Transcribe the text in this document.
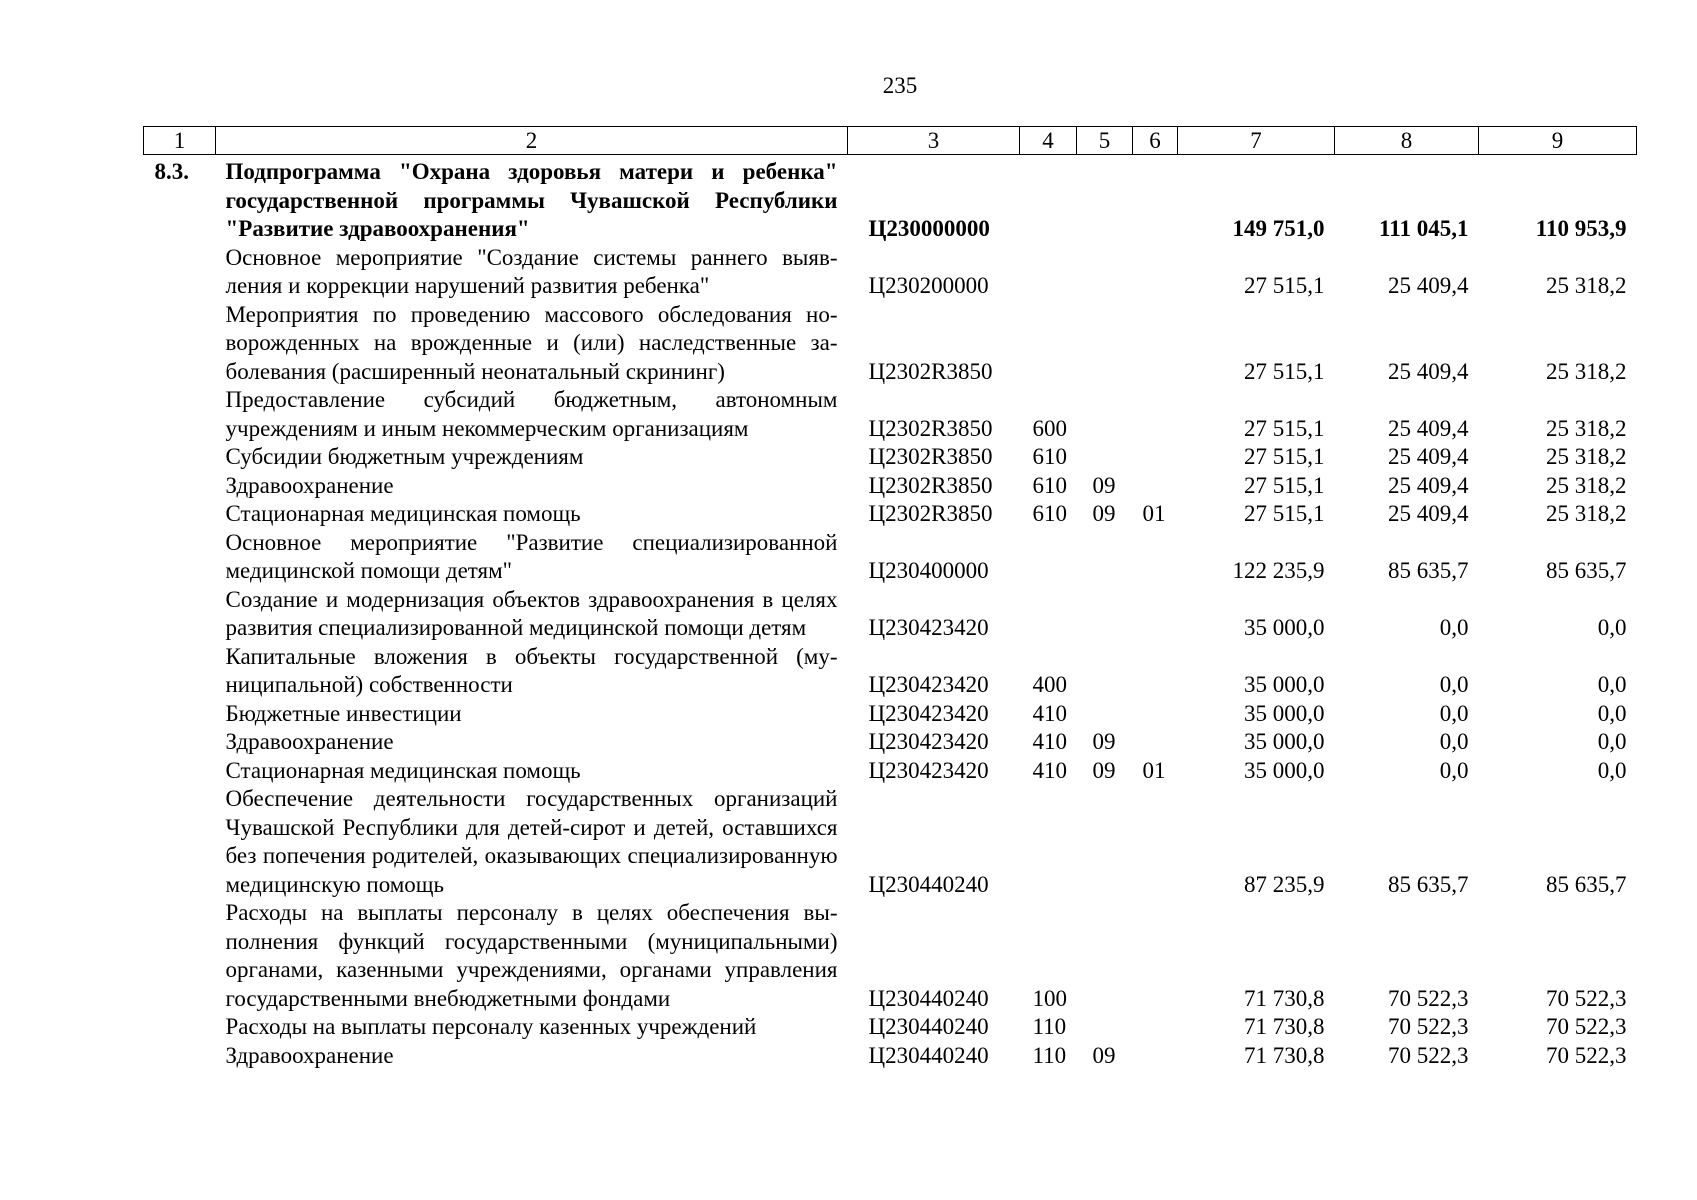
235
1	2	3	4	5	6	7	8	9
8.3.	Подпрограмма "Охрана здоровья матери и ребенка" государственной программы Чувашской Республики "Развитие здравоохранения"	Ц230000000				149 751,0	111 045,1	110 953,9
	Основное мероприятие "Создание системы раннего выявления и коррекции нарушений развития ребенка"	Ц230200000				27 515,1	25 409,4	25 318,2
	Мероприятия по проведению массового обследования новорожденных на врожденные и (или) наследственные заболевания (расширенный неонатальный скрининг)	Ц2302R3850				27 515,1	25 409,4	25 318,2
	Предоставление субсидий бюджетным, автономным учреждениям и иным некоммерческим организациям	Ц2302R3850	600			27 515,1	25 409,4	25 318,2
	Субсидии бюджетным учреждениям	Ц2302R3850	610			27 515,1	25 409,4	25 318,2
	Здравоохранение	Ц2302R3850	610	09		27 515,1	25 409,4	25 318,2
	Стационарная медицинская помощь	Ц2302R3850	610	09	01	27 515,1	25 409,4	25 318,2
	Основное мероприятие "Развитие специализированной медицинской помощи детям"	Ц230400000				122 235,9	85 635,7	85 635,7
	Создание и модернизация объектов здравоохранения в целях развития специализированной медицинской помощи детям	Ц230423420				35 000,0	0,0	0,0
	Капитальные вложения в объекты государственной (муниципальной) собственности	Ц230423420	400			35 000,0	0,0	0,0
	Бюджетные инвестиции	Ц230423420	410			35 000,0	0,0	0,0
	Здравоохранение	Ц230423420	410	09		35 000,0	0,0	0,0
	Стационарная медицинская помощь	Ц230423420	410	09	01	35 000,0	0,0	0,0
	Обеспечение деятельности государственных организаций Чувашской Республики для детей-сирот и детей, оставшихся без попечения родителей, оказывающих специализированную медицинскую помощь	Ц230440240				87 235,9	85 635,7	85 635,7
	Расходы на выплаты персоналу в целях обеспечения выполнения функций государственными (муниципальными) органами, казенными учреждениями, органами управления государственными внебюджетными фондами	Ц230440240	100			71 730,8	70 522,3	70 522,3
	Расходы на выплаты персоналу казенных учреждений	Ц230440240	110			71 730,8	70 522,3	70 522,3
	Здравоохранение	Ц230440240	110	09		71 730,8	70 522,3	70 522,3
